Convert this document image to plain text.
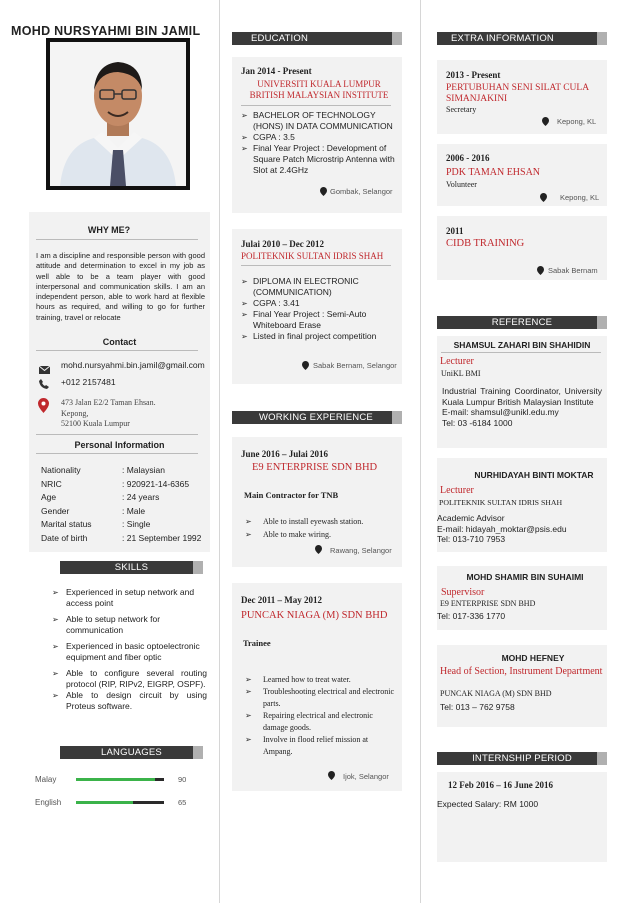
MOHD NURSYAHMI BIN JAMIL
WHY ME?
I am a discipline and responsible person with good attitude and determination to excel in my job as well able to be a team player with good interpersonal and communication skills. I am an independent person, able to work hard at flexible hours as required, and willing to go for further training, travel or relocate
Contact
mohd.nursyahmi.bin.jamil@gmail.com
+012 2157481
473 Jalan E2/2 Taman Ehsan.
Kepong,
52100 Kuala Lumpur
Personal Information
Nationality	: Malaysian
NRIC	: 920921-14-6365
Age	: 24 years
Gender	: Male
Marital status	: Single
Date of birth	: 21 September 1992
SKILLS
➢ Experienced in setup network and access point
➢ Able to setup network for communication
➢ Experienced in basic optoelectronic equipment and fiber optic
➢ Able to configure several routing protocol (RIP, RIPv2, EIGRP, OSPF).
➢ Able to design circuit by using Proteus software.
LANGUAGES
Malay	90
English	65
EDUCATION
Jan 2014 - Present
UNIVERSITI KUALA LUMPUR BRITISH MALAYSIAN INSTITUTE
➢ BACHELOR OF TECHNOLOGY (HONS) IN DATA COMMUNICATION
➢ CGPA : 3.5
➢ Final Year Project : Development of Square Patch Microstrip Antenna with Slot at 2.4GHz
Gombak, Selangor
Julai 2010 – Dec 2012
POLITEKNIK SULTAN IDRIS SHAH
➢ DIPLOMA IN ELECTRONIC (COMMUNICATION)
➢ CGPA : 3.41
➢ Final Year Project : Semi-Auto Whiteboard Erase
➢ Listed in final project competition
Sabak Bernam, Selangor
WORKING EXPERIENCE
June 2016 – Julai 2016
E9 ENTERPRISE SDN BHD
Main Contractor for TNB
➢ Able to install eyewash station.
➢ Able to make wiring.
Rawang, Selangor
Dec 2011 – May 2012
PUNCAK NIAGA (M) SDN BHD
Trainee
➢ Learned how to treat water.
➢ Troubleshooting electrical and electronic parts.
➢ Repairing electrical and electronic damage goods.
➢ Involve in flood relief mission at Ampang.
Ijok, Selangor
EXTRA INFORMATION
2013 - Present
PERTUBUHAN SENI SILAT CULA SIMANJAKINI
Secretary
Kepong, KL
2006 - 2016
PDK TAMAN EHSAN
Volunteer
Kepong, KL
2011
CIDB TRAINING
Sabak Bernam
REFERENCE
SHAMSUL ZAHARI BIN SHAHIDIN
Lecturer
UniKL BMI
Industrial Training Coordinator, University Kuala Lumpur British Malaysian Institute
E-mail: shamsul@unikl.edu.my
Tel: 03 -6184 1000
NURHIDAYAH BINTI MOKTAR
Lecturer
POLITEKNIK SULTAN IDRIS SHAH
Academic Advisor
E-mail: hidayah_moktar@psis.edu
Tel: 013-710 7953
MOHD SHAMIR BIN SUHAIMI
Supervisor
E9 ENTERPRISE SDN BHD
Tel: 017-336 1770
MOHD HEFNEY
Head of Section, Instrument Department
PUNCAK NIAGA (M) SDN BHD
Tel: 013 – 762 9758
INTERNSHIP PERIOD
12 Feb 2016 – 16 June 2016
Expected Salary: RM 1000
